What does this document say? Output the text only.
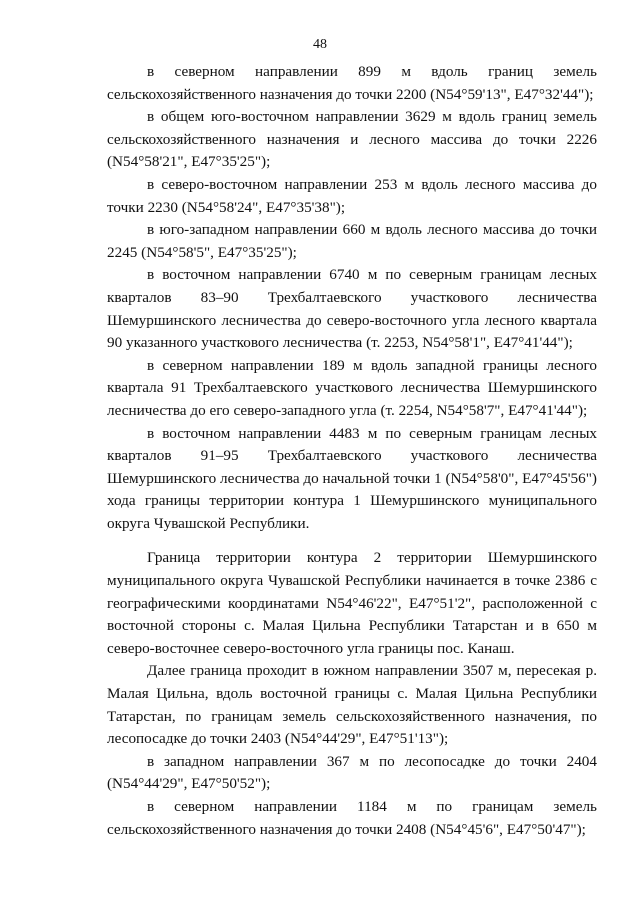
48

в северном направлении 899 м вдоль границ земель сельскохозяйственного назначения до точки 2200 (N54°59'13", E47°32'44");

в общем юго-восточном направлении 3629 м вдоль границ земель сельскохозяйственного назначения и лесного массива до точки 2226 (N54°58'21", E47°35'25");

в северо-восточном направлении 253 м вдоль лесного массива до точки 2230 (N54°58'24", E47°35'38");

в юго-западном направлении 660 м вдоль лесного массива до точки 2245 (N54°58'5", E47°35'25");

в восточном направлении 6740 м по северным границам лесных кварталов 83–90 Трехбалтаевского участкового лесничества Шемуршинского лесничества до северо-восточного угла лесного квартала 90 указанного участкового лесничества (т. 2253, N54°58'1", E47°41'44");

в северном направлении 189 м вдоль западной границы лесного квартала 91 Трехбалтаевского участкового лесничества Шемуршинского лесничества до его северо-западного угла (т. 2254, N54°58'7", E47°41'44");

в восточном направлении 4483 м по северным границам лесных кварталов 91–95 Трехбалтаевского участкового лесничества Шемуршинского лесничества до начальной точки 1 (N54°58'0", E47°45'56") хода границы территории контура 1 Шемуршинского муниципального округа Чувашской Республики.

Граница территории контура 2 территории Шемуршинского муниципального округа Чувашской Республики начинается в точке 2386 с географическими координатами N54°46'22", E47°51'2", расположенной с восточной стороны с. Малая Цильна Республики Татарстан и в 650 м северо-восточнее северо-восточного угла границы пос. Канаш.

Далее граница проходит в южном направлении 3507 м, пересекая р. Малая Цильна, вдоль восточной границы с. Малая Цильна Республики Татарстан, по границам земель сельскохозяйственного назначения, по лесопосадке до точки 2403 (N54°44'29", E47°51'13");

в западном направлении 367 м по лесопосадке до точки 2404 (N54°44'29", E47°50'52");

в северном направлении 1184 м по границам земель сельскохозяйственного назначения до точки 2408 (N54°45'6", E47°50'47");
